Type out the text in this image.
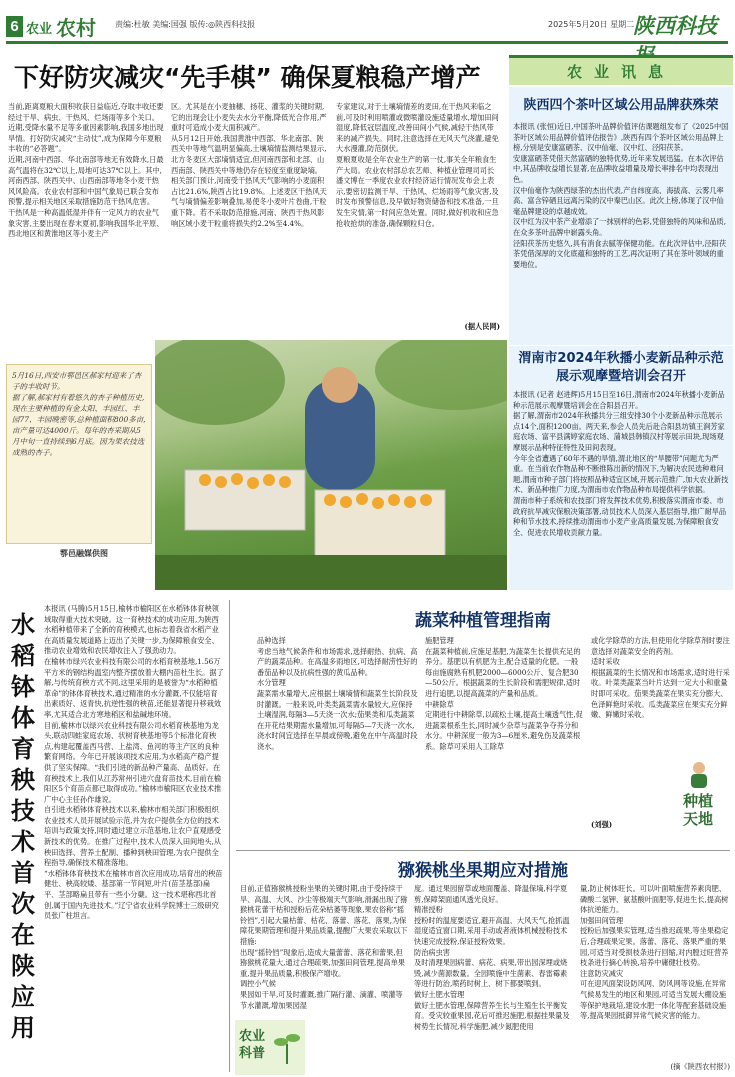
6 农业 农村 责编:杜敏 美编:国强 版传:◎陕西科技报	2025年5月20日 星期二
陕西科技
下好防灾减灾“先手棋” 确保夏粮稳产增产
当前,距离夏粮大面积收获日益临近,夺取丰收还要经过干旱、病虫、干热风、烂场雨等多个关口。近期,受降水量不足等多重因素影响,我国多地出现旱情。打好防灾减灾“主动仗”,成为保障今年夏粮丰收的“必答题”。
近期,河南中西部、华北南部等地无有效降水,日最高气温将在32℃以上,局地可达37℃以上。其中,河南西部、陕西关中、山西南部等地冬小麦干热风风险高。农业农村部和中国气象局已联合发布预警,提示相关地区采取措施防范干热风危害。
干热风是一种高温低湿并伴有一定风力的农业气象灾害,主要出现在春末夏初,影响我国华北平原、西北地区和黄淮地区等小麦主产
区。尤其是在小麦抽穗、扬花、灌浆的关键时期,它的出现会让小麦失去水分平衡,降低光合作用,严重时可造成小麦大面积减产。
从5月12日开始,我国黄淮中西部、华北南部、陕西关中等地气温明显偏高,土壤墒情监测结果显示,北方冬麦区大部墒情适宜,但河南西部和北部、山西南部、陕西关中等地仍存在轻度至重度缺墒。
相关部门预计,河南受干热风天气影响的小麦面积占比21.6%,陕西占比19.8%。上述麦区干热风天气与墒情偏差影响叠加,易使冬小麦叶片卷曲,干粒重下降。若不采取防范措施,河南、陕西干热风影响区域小麦干粒重将损失约2.2%至4.4%。
专家建议,对于土壤墒情差的麦田,在干热风来临之前,可及时利用喷灌或微喷灌设施适量增水,增加田间湿度,降低冠层温度,改善田间小气候,减轻干热风带来的减产损失。同时,注意选择在无风天气浇灌,避免大水漫灌,防范倒伏。
夏粮夏收是全年农业生产的第一仗,事关全年粮食生产大局。农业农村部总农艺师、种植业管理司司长潘文博在一季度农业农村经济运行情况发布会上表示,要密切监测干旱、干热风、烂场雨等气象灾害,及时发布预警信息,及早做好物资储备和技术准备,一旦发生灾情,第一时间应急处置。同时,做好机收和应急抢收抢烘的准备,确保颗粒归仓。
(据人民网)
农业讯息
陕西四个茶叶区域公用品牌获殊荣
本报讯 (张恒)近日,中国茶叶品牌价值评估课题组发布了《2025中国茶叶区域公用品牌价值评估报告》,陕西有四个茶叶区域公用品牌上榜,分别是安康富硒茶、汉中仙毫、汉中红、泾阳茯茶。
安康富硒茶凭借天然富硒的独特优势,近年来发展迅猛。在本次评估中,其品牌收益增长显著,在品牌收益增量及增长率排名中均表现出色。
汉中仙毫作为陕西绿茶的杰出代表,产自纬度高、海拔高、云雾几率高、富含锌硒且远离污染的汉中秦巴山区。此次上榜,体现了汉中仙毫品牌建设的卓越成效。
汉中红为汉中茶产业增添了一抹别样的色彩,凭借独特的风味和品质,在众多茶叶品牌中崭露头角。
泾阳茯茶历史悠久,具有消食去腻等保健功能。在此次评估中,泾阳茯茶凭借深厚的文化底蕴和独特的工艺,再次证明了其在茶叶领域的重要地位。
渭南市2024年秋播小麦新品种示范展示观摩暨培训会召开
本报讯 (记者 赵进辉)5月15日至16日,渭南市2024年秋播小麦新品种示范展示观摩暨培训会在合阳县召开。
据了解,渭南市2024年秋播共分三组安排30个小麦新品种示范展示点14个,面积1200亩。两天来,参会人员先后赴合阳县坊镇王涧芳家庭农场、富平县满婷家庭农场、蒲城县韩镇汉村等展示田块,现场观摩展示品种特征特性及田间表现。
今年全省遭遇了60年不遇的旱情,渭北地区的“旱腰带”问题尤为严重。在当前农作物品种不断推陈出新的情况下,为解决农民选种难问题,渭南市种子部门将按照品种适宜区域,开展示范推广,加大农业新技术、新品种推广力度,为渭南市农作物品种布局提供科学依据。
渭南市种子系统和农技部门将发挥技术优势,积极落实渭南市委、市政府抗旱减灾保粮决策部署,动员技术人员深入基层指导,推广耐旱品种和节水技术,持续推动渭南市小麦产业高质量发展,为保障粮食安全、促进农民增收贡献力量。
5月16日,西安市鄠邑区郝家村迎来了杏子的丰收时节。
据了解,郝家村有着悠久的杏子种植历史,现在主要种植的有金太阳、丰园红、丰园77、丰园晚密等,总种植面积800多亩,亩产量可达4000斤。每年的杏采期从5月中旬一直持续到6月底。因为果农技选成熟的杏子。
鄠邑融媒供图
水稻钵体育秧技术首次在陕应用
本报讯 (马腾)5月15日,榆林市榆阳区在水稻钵体育秧领域取得重大技术突破。这一育秧技术的成功应用,为陕西水稻种植带来了全新的育秧模式,也标志着我省水稻产业在高质量发展道路上迈出了关键一步,为保障粮食安全、推动农业增效和农民增收注入了强劲动力。
在榆林市绿兴农业科技有限公司的水稻育秧基地,1.56万平方米的钢结构温室内整齐摆放着大棚内苗杜生长。据了解,与传统育秧方式不同,这里采用的是被誉为“水稻种植革命”的钵体育秧技术,通过精准的水分灌溉,不仅能培育出素质好、返青快,抗逆性强的秧苗,还能显著提升移栽效率,尤其适合北方寒地稻区和盐碱地环境。
目前,榆林市以绿兴农业科技有限公司水稻育秧基地为龙头,联动四蛙家庭农场、状树育秧基地等5个标准化育秧点,构建起覆盖西马营、上盐湾、鱼河的等主产区的良种繁育网络。今年已开展该项技术应用,为水稻高产稳产提供了坚实保障。“我们引进的新品种产量高、品质好。在育秧技术上,我们从江苏常州引进穴盘育苗技术,目前在榆阳区5个育苗点都已取得成功。”榆林市榆阳区农业技术推广中心主任孙作雄说。
自引进水稻钵体育秧技术以来,榆林市相关部门积极组织农业技术人员开展试验示范,并为农户提供全方位的技术培训与政策支持,同时通过建立示范基地,让农户直观感受新技术的优势。在推广过程中,技术人员深入田间地头,从秧田选择、营养土配制、播种到秧田管理,为农户提供全程指导,确保技术精准落地。
“水稻钵体育秧技术在榆林市首次应用成功,培育出的秧苗健壮、秧高较矮、基部第一节间短,叶片(苗茎基部)扁平、茎部略扁且带有一些小分蘖。这一技术堪称西北首创,属于国内先进技术。”辽宁省农业科学院博士三级研究员张广柱坦言。
蔬菜种植管理指南
品种选择
考虑当地气候条件和市场需求,选择耐热、抗病、高产的蔬菜品种。在高温多雨地区,可选择耐涝性好的番茄品种以及抗病性强的黄瓜品种。
水分管理
蔬菜需水量增大,应根据土壤墒情和蔬菜生长阶段及时灌溉。一般来说,叶类类蔬菜需水量较大,应保持土壤湿润,每隔3—5天浇一次水;茄果类和瓜类蔬菜在开花结果期需水量增加,可每隔5—7天浇一次水,浇水时间宜选择在早晨或傍晚,避免在中午高温时段浇水。
施肥管理
在蔬菜种植前,应施足基肥,为蔬菜生长提供充足的养分。基肥以有机肥为主,配合适量的化肥。一般每亩施腐熟有机肥2000—6000公斤、复合肥30—50公斤。根据蔬菜的生长阶段和需肥规律,适时进行追肥,以提高蔬菜的产量和品质。
中耕除草
定期进行中耕除草,以疏松土壤,提高土壤透气性,促进蔬菜根系生长,同时减少杂草与蔬菜争夺养分和水分。中耕深度一般为3—6厘米,避免伤及蔬菜根系。除草可采用人工除草
或化学除草的方法,但使用化学除草剂时要注意选择对蔬菜安全的药剂。
适时采收
根据蔬菜的生长情况和市场需求,适时进行采收。叶菜类蔬菜当叶片达到一定大小和重量时即可采收。茄果类蔬菜在果实充分膨大、色泽鲜艳时采收。瓜类蔬菜应在果实充分鲜嫩、鲜嫩时采收。
(刘强)
种植
天地
猕猴桃坐果期应对措施
目前,正值猕猴桃授粉坐果的关键时期,由于受持续干旱、高温、大风、沙尘等极端天气影响,滑漏出现了猕猴桃花蕾干枯和授粉后花朵枯萎等现象,果农俗称“摇铃铛”,引起大量枯蕾、枯花、落蕾、落花、落果,为保障花果期管理和提升果品质量,提醒广大果农采取以下措施:
出现“摇铃铛”现象后,造成大量蕾蕾、落花和蕾果,但猕猴桃花量大,通过合理疏果,加强田间管理,提高单果重,提升果品质量,积极保产增收。
调控小气候
果园如干旱,可及时灌溉,推广隔行灌、滴灌、喷灌等节水灌溉,增加果园湿
度。通过果园留草或地面覆盖、降温保墒,科学夏剪,保障架面通风透光良好。
精准授粉
授粉时的温度要适宜,避开高温、大风天气,抢抓温湿度适宜窗口期,采用手动或者液体机械授粉技术快速完成授粉,保证授粉效果。
防治病虫害
及时清理果园病蕾、病花、病果,带出园深埋或烧毁,减少菌源数量。全园喷施中生菌素、春雷霉素等进行防治,喷药时树上、树下都要喷到。
做好土肥水管理
做好土肥水管理,保障营养生长与生殖生长平衡发育。受灾较重果园,花后可推迟施肥,根据挂果量及树势生长情况,科学施肥,减少氮肥使用
量,防止树体旺长。可以叶面喷施营养素肉肥、磷酸二氢钾、氨基酸叶面肥等,促进生长,提高树体抗逆能力。
加强田间管理
授粉后加强果实管理,适当推迟疏果,等坐果稳定后,合理疏果定果。落蕾、落花、落果严重的果园,可适当对受损枝条进行回缩,对内膛过旺营养枝条进行摘心转换,培养中庸健壮枝势。
注意防灾减灾
可在迎风面架设防风网、防风网等设施,在异常气候易发生的地区和果园,可适当发展大棚设施等保护地栽培,建设水肥一体化等配套基础设施等,提高果园抵御异常气候灾害的能力。
(摘《陕西农村报》)
农业
科普
